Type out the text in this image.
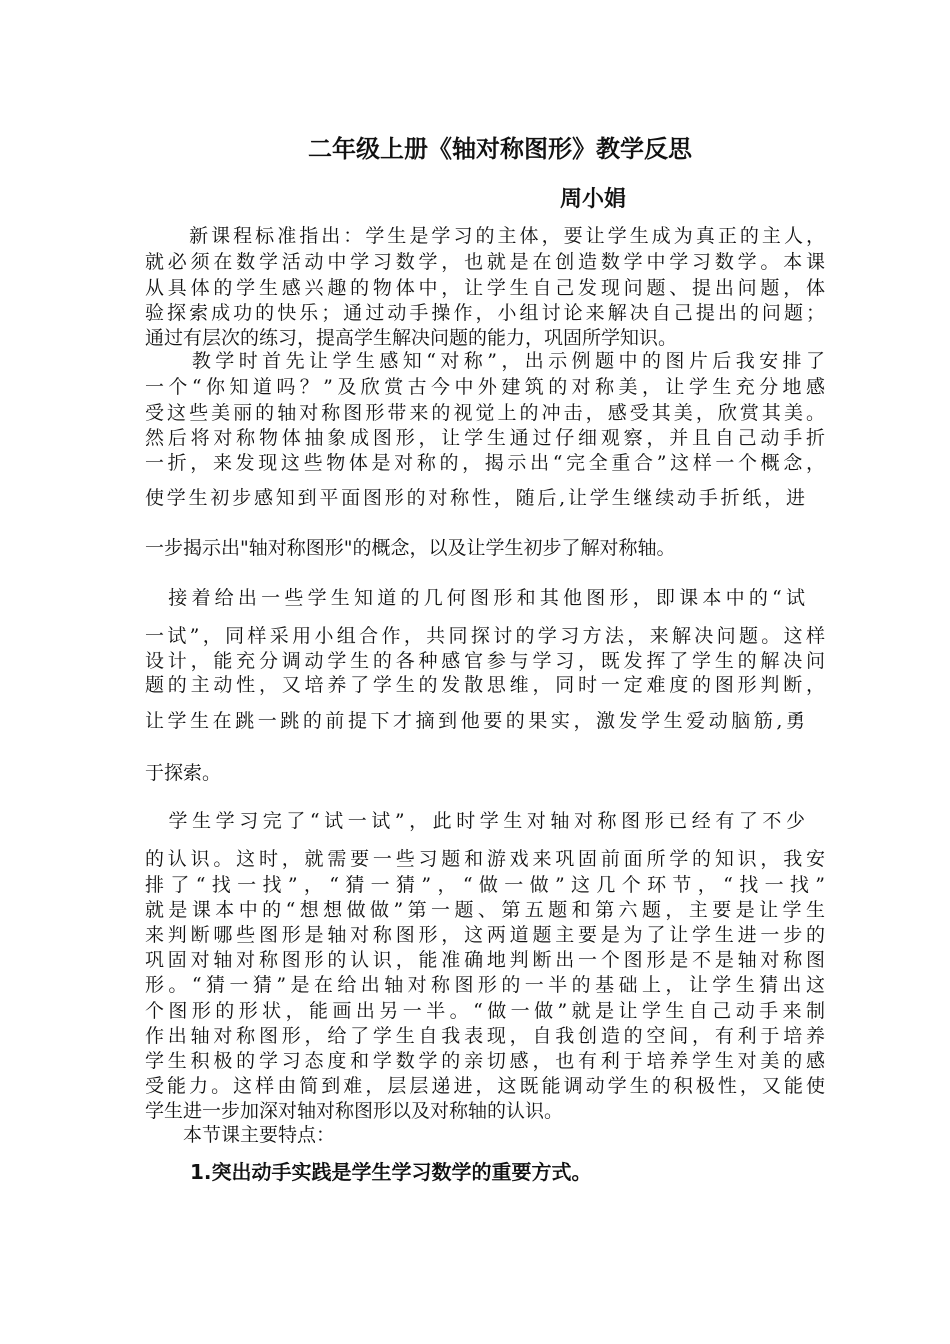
二年级上册《轴对称图形》教学反思
周小娟

　　新课程标准指出：学生是学习的主体，要让学生成为真正的主人，

就必须在数学活动中学习数学，也就是在创造数学中学习数学。本课

从具体的学生感兴趣的物体中，让学生自己发现问题、提出问题，体

验探索成功的快乐；通过动手操作，小组讨论来解决自己提出的问题；

通过有层次的练习，提高学生解决问题的能力，巩固所学知识。

　　教学时首先让学生感知“对称”，出示例题中的图片后我安排了

一个“你知道吗？”及欣赏古今中外建筑的对称美，让学生充分地感

受这些美丽的轴对称图形带来的视觉上的冲击，感受其美，欣赏其美。

然后将对称物体抽象成图形，让学生通过仔细观察，并且自己动手折

一折，来发现这些物体是对称的，揭示出“完全重合”这样一个概念，

使学生初步感知到平面图形的对称性，随后,让学生继续动手折纸，进

一步揭示出"轴对称图形"的概念，以及让学生初步了解对称轴。

　接着给出一些学生知道的几何图形和其他图形，即课本中的“试

一试”，同样采用小组合作，共同探讨的学习方法，来解决问题。这样

设计，能充分调动学生的各种感官参与学习，既发挥了学生的解决问

题的主动性，又培养了学生的发散思维，同时一定难度的图形判断，

让学生在跳一跳的前提下才摘到他要的果实，激发学生爱动脑筋,勇

于探索。

　学生学习完了“试一试”，此时学生对轴对称图形已经有了不少

的认识。这时，就需要一些习题和游戏来巩固前面所学的知识，我安

排了“找一找”，“猜一猜”，“做一做”这几个环节，“找一找”

就是课本中的“想想做做”第一题、第五题和第六题，主要是让学生

来判断哪些图形是轴对称图形，这两道题主要是为了让学生进一步的

巩固对轴对称图形的认识，能准确地判断出一个图形是不是轴对称图

形。“猜一猜”是在给出轴对称图形的一半的基础上，让学生猜出这

个图形的形状，能画出另一半。“做一做”就是让学生自己动手来制

作出轴对称图形，给了学生自我表现，自我创造的空间，有利于培养

学生积极的学习态度和学数学的亲切感，也有利于培养学生对美的感

受能力。这样由简到难，层层递进，这既能调动学生的积极性，又能使

学生进一步加深对轴对称图形以及对称轴的认识。

　　本节课主要特点：

1.突出动手实践是学生学习数学的重要方式。
